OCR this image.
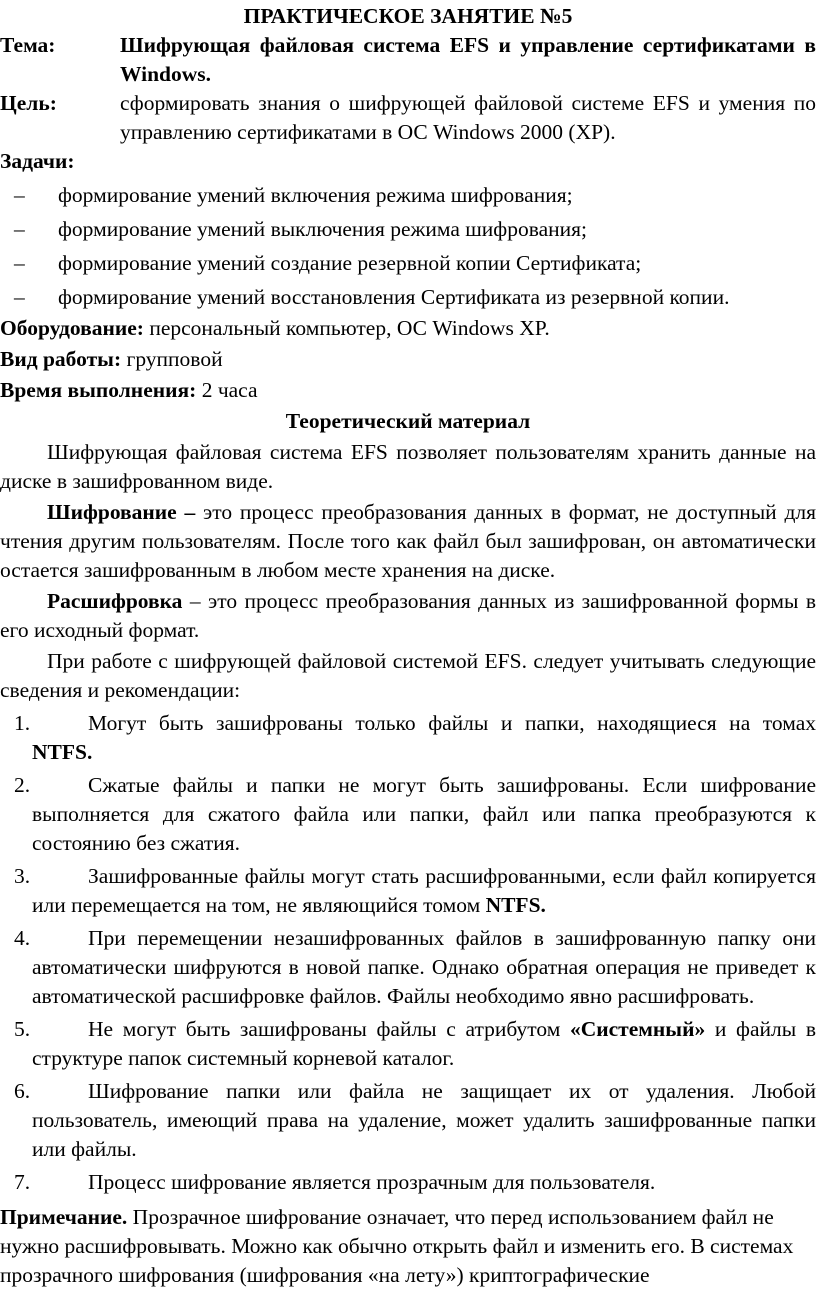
ПРАКТИЧЕСКОЕ ЗАНЯТИЕ №5
Тема:	Шифрующая файловая система EFS и управление сертификатами в Windows.
Цель:	сформировать знания о шифрующей файловой системе EFS и умения по управлению сертификатами в ОС Windows 2000 (XP).
Задачи:
– формирование умений включения режима шифрования;
– формирование умений выключения режима шифрования;
– формирование умений создание резервной копии Сертификата;
– формирование умений восстановления Сертификата из резервной копии.
Оборудование: персональный компьютер, ОС Windows XP.
Вид работы: групповой
Время выполнения: 2 часа
Теоретический материал

Шифрующая файловая система EFS позволяет пользователям хранить данные на диске в зашифрованном виде.

Шифрование – это процесс преобразования данных в формат, не доступный для чтения другим пользователям. После того как файл был зашифрован, он автоматически остается зашифрованным в любом месте хранения на диске.

Расшифровка – это процесс преобразования данных из зашифрованной формы в его исходный формат.

При работе с шифрующей файловой системой EFS. следует учитывать следующие сведения и рекомендации:

1.	Могут быть зашифрованы только файлы и папки, находящиеся на томах NTFS.
2.	Сжатые файлы и папки не могут быть зашифрованы. Если шифрование выполняется для сжатого файла или папки, файл или папка преобразуются к состоянию без сжатия.
3.	Зашифрованные файлы могут стать расшифрованными, если файл копируется или перемещается на том, не являющийся томом NTFS.
4.	При перемещении незашифрованных файлов в зашифрованную папку они автоматически шифруются в новой папке. Однако обратная операция не приведет к автоматической расшифровке файлов. Файлы необходимо явно расшифровать.
5.	Не могут быть зашифрованы файлы с атрибутом «Системный» и файлы в структуре папок системный корневой каталог.
6.	Шифрование папки или файла не защищает их от удаления. Любой пользователь, имеющий права на удаление, может удалить зашифрованные папки или файлы.
7.	Процесс шифрование является прозрачным для пользователя.

Примечание. Прозрачное шифрование означает, что перед использованием файл не нужно расшифровывать. Можно как обычно открыть файл и изменить его. В системах прозрачного шифрования (шифрования «на лету») криптографические
